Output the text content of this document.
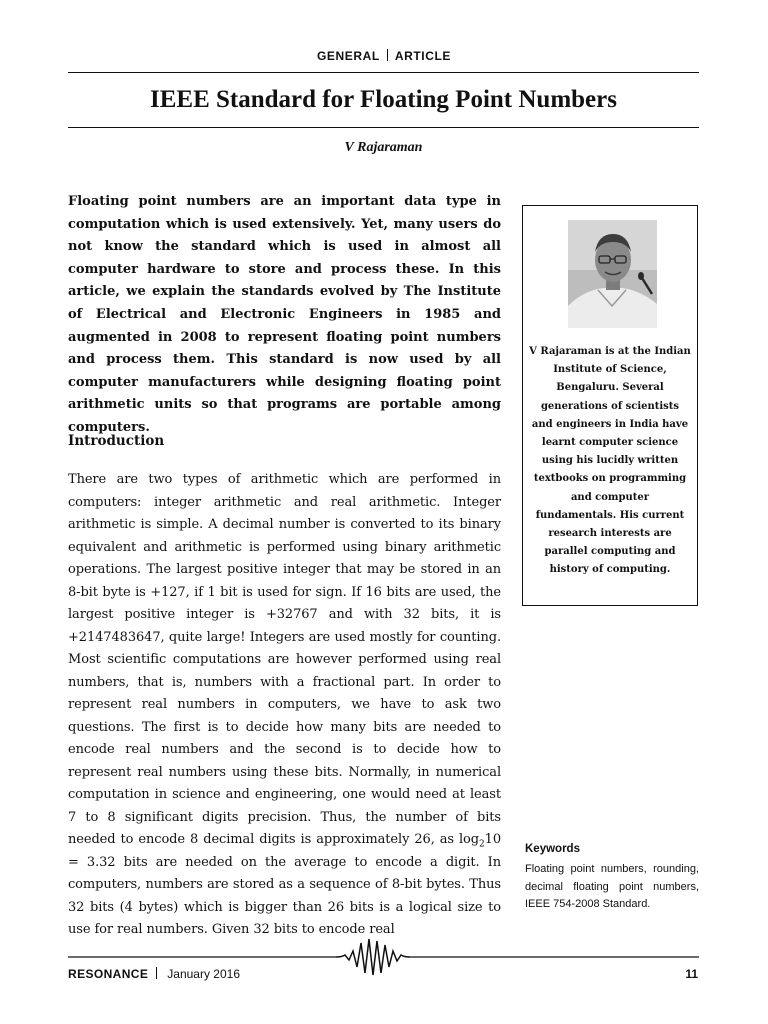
GENERAL ARTICLE
IEEE Standard for Floating Point Numbers
V Rajaraman

Floating point numbers are an important data type in computation which is used extensively. Yet, many users do not know the standard which is used in almost all computer hardware to store and process these. In this article, we explain the standards evolved by The Institute of Electrical and Electronic Engineers in 1985 and augmented in 2008 to represent floating point numbers and process them. This standard is now used by all computer manufacturers while designing floating point arithmetic units so that programs are portable among computers.

Introduction

There are two types of arithmetic which are performed in computers: integer arithmetic and real arithmetic. Integer arithmetic is simple. A decimal number is converted to its binary equivalent and arithmetic is performed using binary arithmetic operations. The largest positive integer that may be stored in an 8-bit byte is +127, if 1 bit is used for sign. If 16 bits are used, the largest positive integer is +32767 and with 32 bits, it is +2147483647, quite large! Integers are used mostly for counting. Most scientific computations are however performed using real numbers, that is, numbers with a fractional part. In order to represent real numbers in computers, we have to ask two questions. The first is to decide how many bits are needed to encode real numbers and the second is to decide how to represent real numbers using these bits. Normally, in numerical computation in science and engineering, one would need at least 7 to 8 significant digits precision. Thus, the number of bits needed to encode 8 decimal digits is approximately 26, as $\log_210 = 3.32$ bits are needed on the average to encode a digit. In computers, numbers are stored as a sequence of 8-bit bytes. Thus 32 bits (4 bytes) which is bigger than 26 bits is a logical size to use for real numbers. Given 32 bits to encode real

V Rajaraman is at the Indian Institute of Science, Bengaluru. Several generations of scientists and engineers in India have learnt computer science using his lucidly written textbooks on programming and computer fundamentals. His current research interests are parallel computing and history of computing.

Keywords

Floating point numbers, rounding, decimal floating point numbers, IEEE 754-2008 Standard.

RESONANCE January 2016	11
